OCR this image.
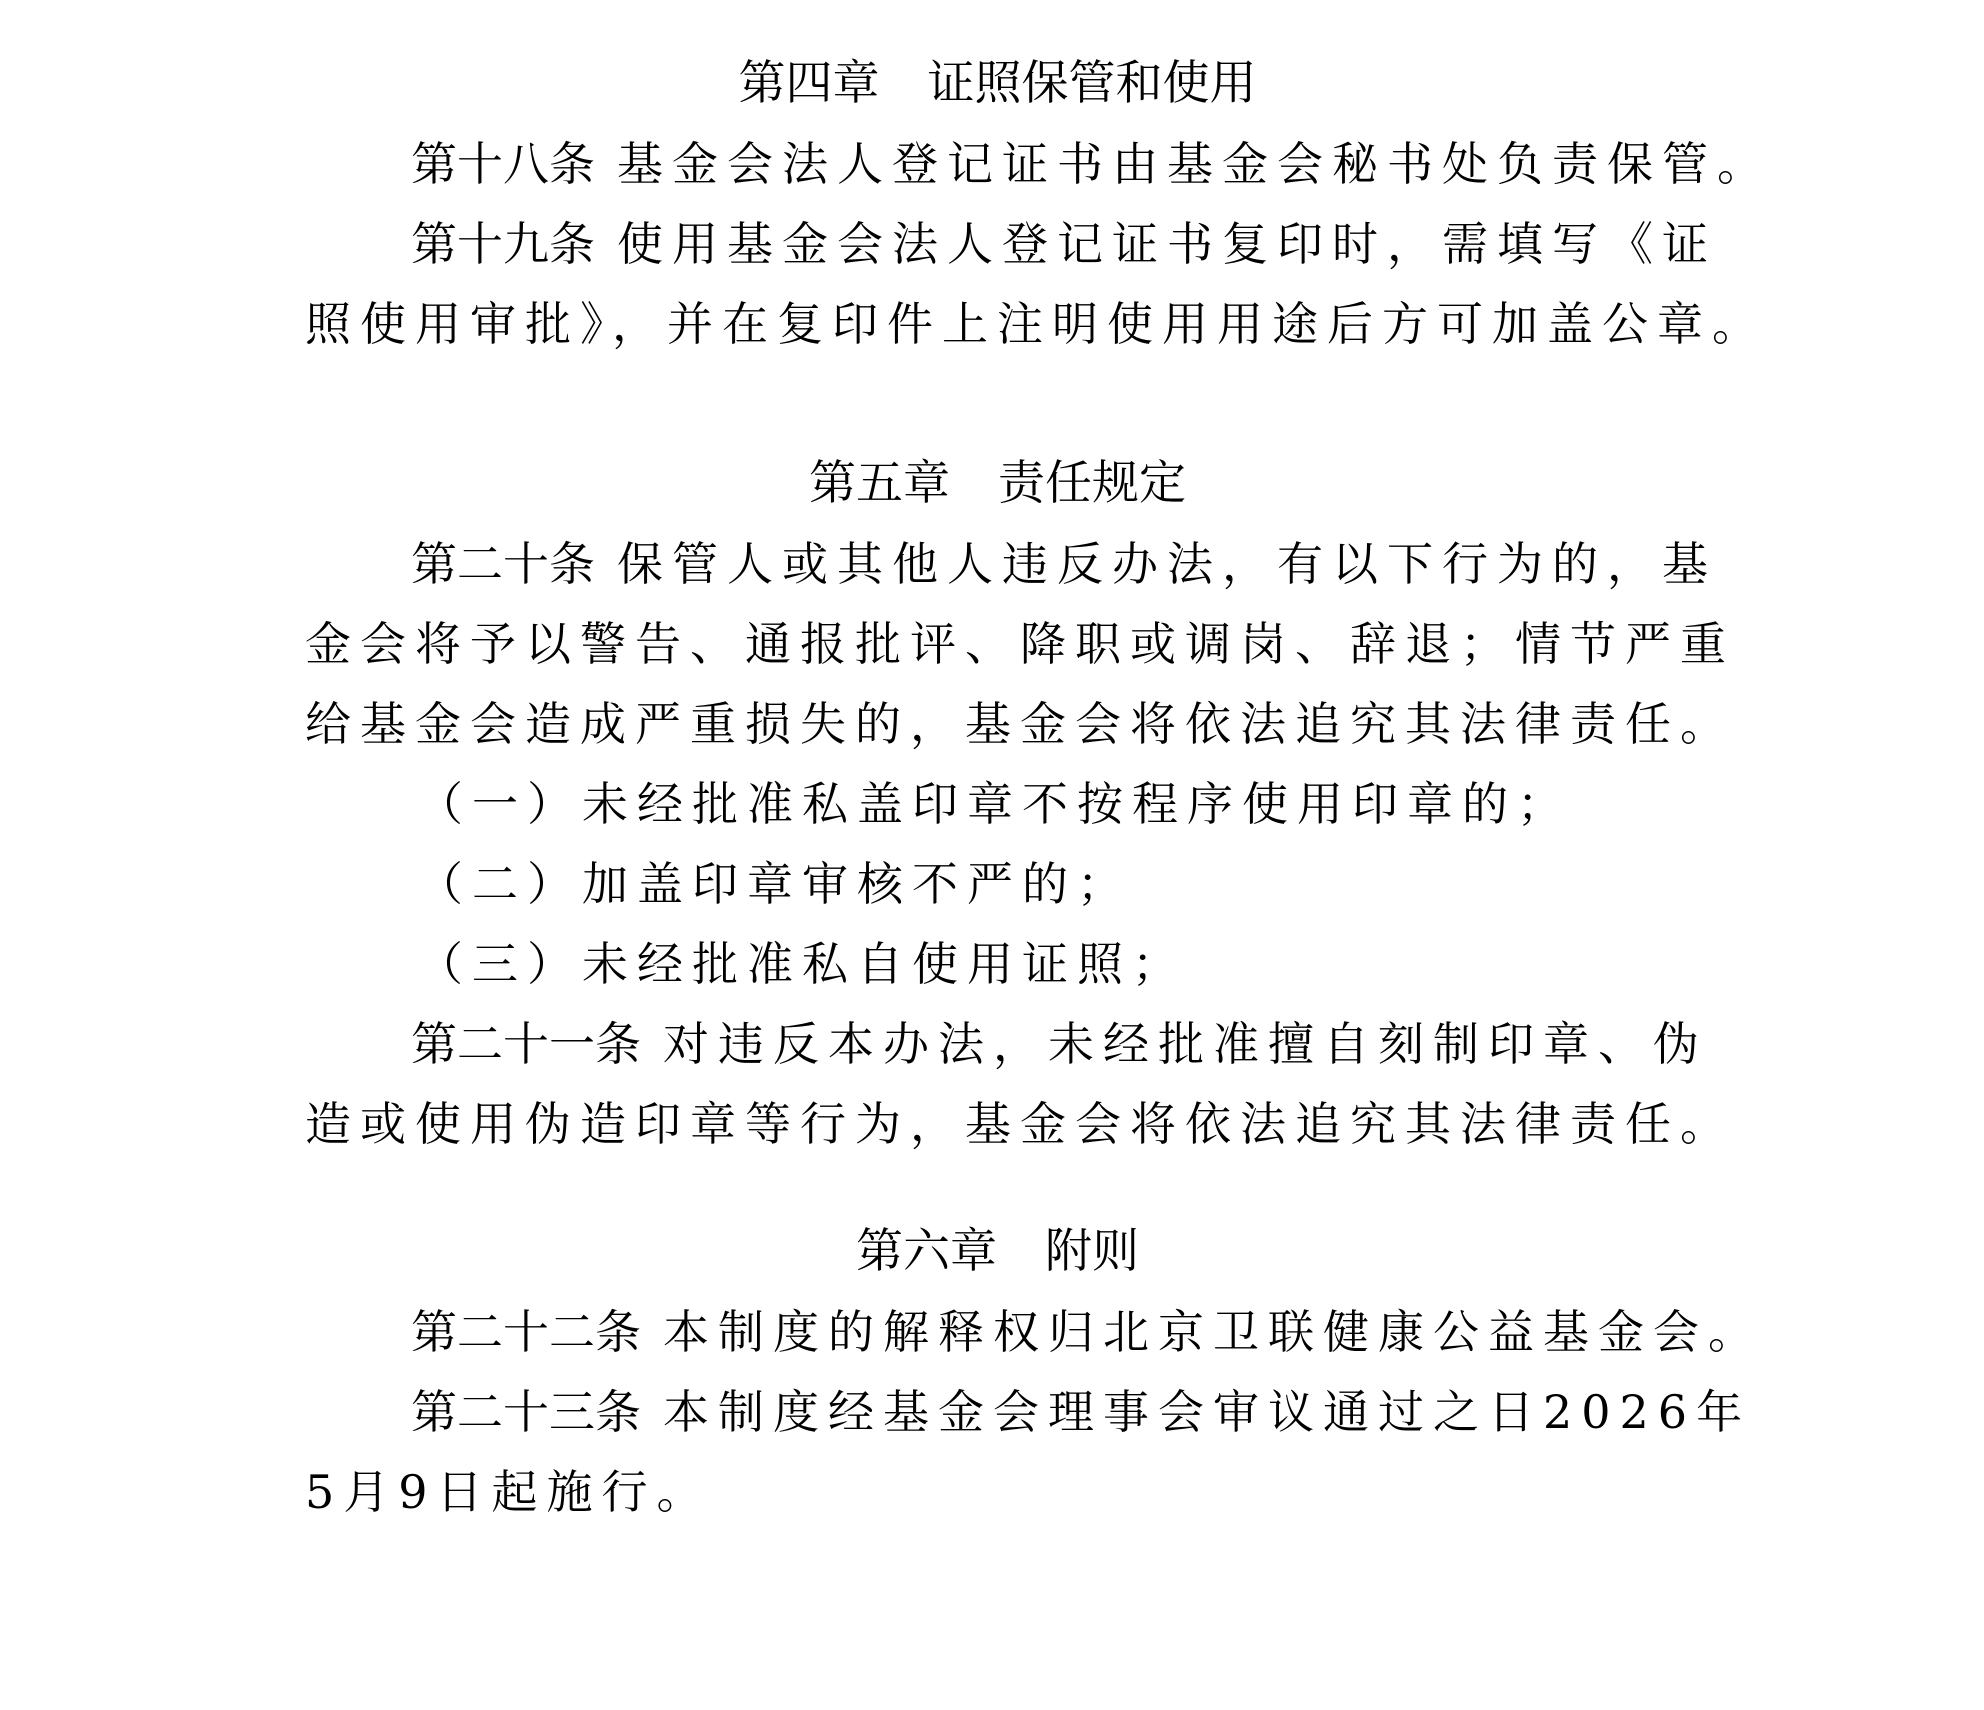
第四章 证照保管和使用
第十八条 基金会法人登记证书由基金会秘书处负责保管。
第十九条 使用基金会法人登记证书复印时，需填写《证
照使用审批》，并在复印件上注明使用用途后方可加盖公章。
第五章 责任规定
第二十条 保管人或其他人违反办法，有以下行为的，基
金会将予以警告、通报批评、降职或调岗、辞退；情节严重
给基金会造成严重损失的，基金会将依法追究其法律责任。
（一）未经批准私盖印章不按程序使用印章的；
（二）加盖印章审核不严的；
（三）未经批准私自使用证照；
第二十一条 对违反本办法，未经批准擅自刻制印章、伪
造或使用伪造印章等行为，基金会将依法追究其法律责任。
第六章 附则
第二十二条 本制度的解释权归北京卫联健康公益基金会。
第二十三条 本制度经基金会理事会审议通过之日2026年
5月9日起施行。
